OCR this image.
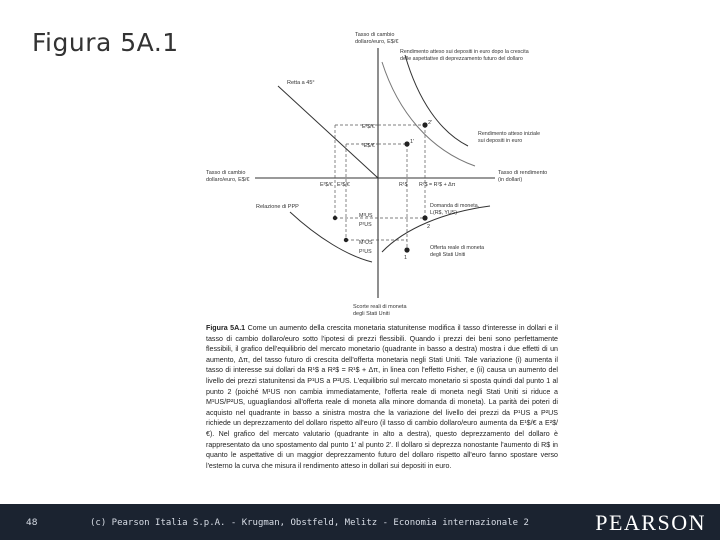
Figura 5A.1	Tasso di cambio
dollaro/euro, E$/€
Rendimento atteso sui depositi in euro dopo la crescita
delle aspettative di deprezzamento futuro del dollaro
Retta a 45°
E²$/€
¹E$/€
2'
1'
Rendimento atteso iniziale
sui depositi in euro
Tasso di cambio
dollaro/euro, E$/€
E²$/€ E¹$/€	R¹$ R²$ = R¹$ + Δπ
Tasso di rendimento
(in dollari)
Relazione di PPP	Domanda di moneta,
L(R$, YUS)
M²US
P²US
M¹US
P¹US
2
1
Offerta reale di moneta
degli Stati Uniti
Scorte reali di moneta
degli Stati Uniti
Figura 5A.1 Come un aumento della crescita monetaria statunitense modifica il tasso d'interesse in dollari e il tasso di cambio dollaro/euro sotto l'ipotesi di prezzi flessibili. Quando i prezzi dei beni sono perfettamente flessibili, il grafico dell'equilibrio del mercato monetario (quadrante in basso a destra) mostra i due effetti di un aumento, Δπ, del tasso futuro di crescita dell'offerta monetaria negli Stati Uniti. Tale variazione (i) aumenta il tasso di interesse sui dollari da R¹$ a R²$ = R¹$ + Δπ, in linea con l'effetto Fisher, e (ii) causa un aumento del livello dei prezzi statunitensi da P¹US a P²US. L'equilibrio sul mercato monetario si sposta quindi dal punto 1 al punto 2 (poiché M¹US non cambia immediatamente, l'offerta reale di moneta negli Stati Uniti si riduce a M¹US/P²US, uguagliandosi all'offerta reale di moneta alla minore domanda di moneta). La parità dei poteri di acquisto nel quadrante in basso a sinistra mostra che la variazione del livello dei prezzi da P¹US a P²US richiede un deprezzamento del dollaro rispetto all'euro (il tasso di cambio dollaro/euro aumenta da E¹$/€ a E²$/€). Nel grafico del mercato valutario (quadrante in alto a destra), questo deprezzamento del dollaro è rappresentato da uno spostamento dal punto 1' al punto 2'. Il dollaro si deprezza nonostante l'aumento di R$ in quanto le aspettative di un maggior deprezzamento futuro del dollaro rispetto all'euro fanno spostare verso l'esterno la curva che misura il rendimento atteso in dollari sui depositi in euro.
48	(c) Pearson Italia S.p.A. - Krugman, Obstfeld, Melitz - Economia internazionale 2	PEARSON
